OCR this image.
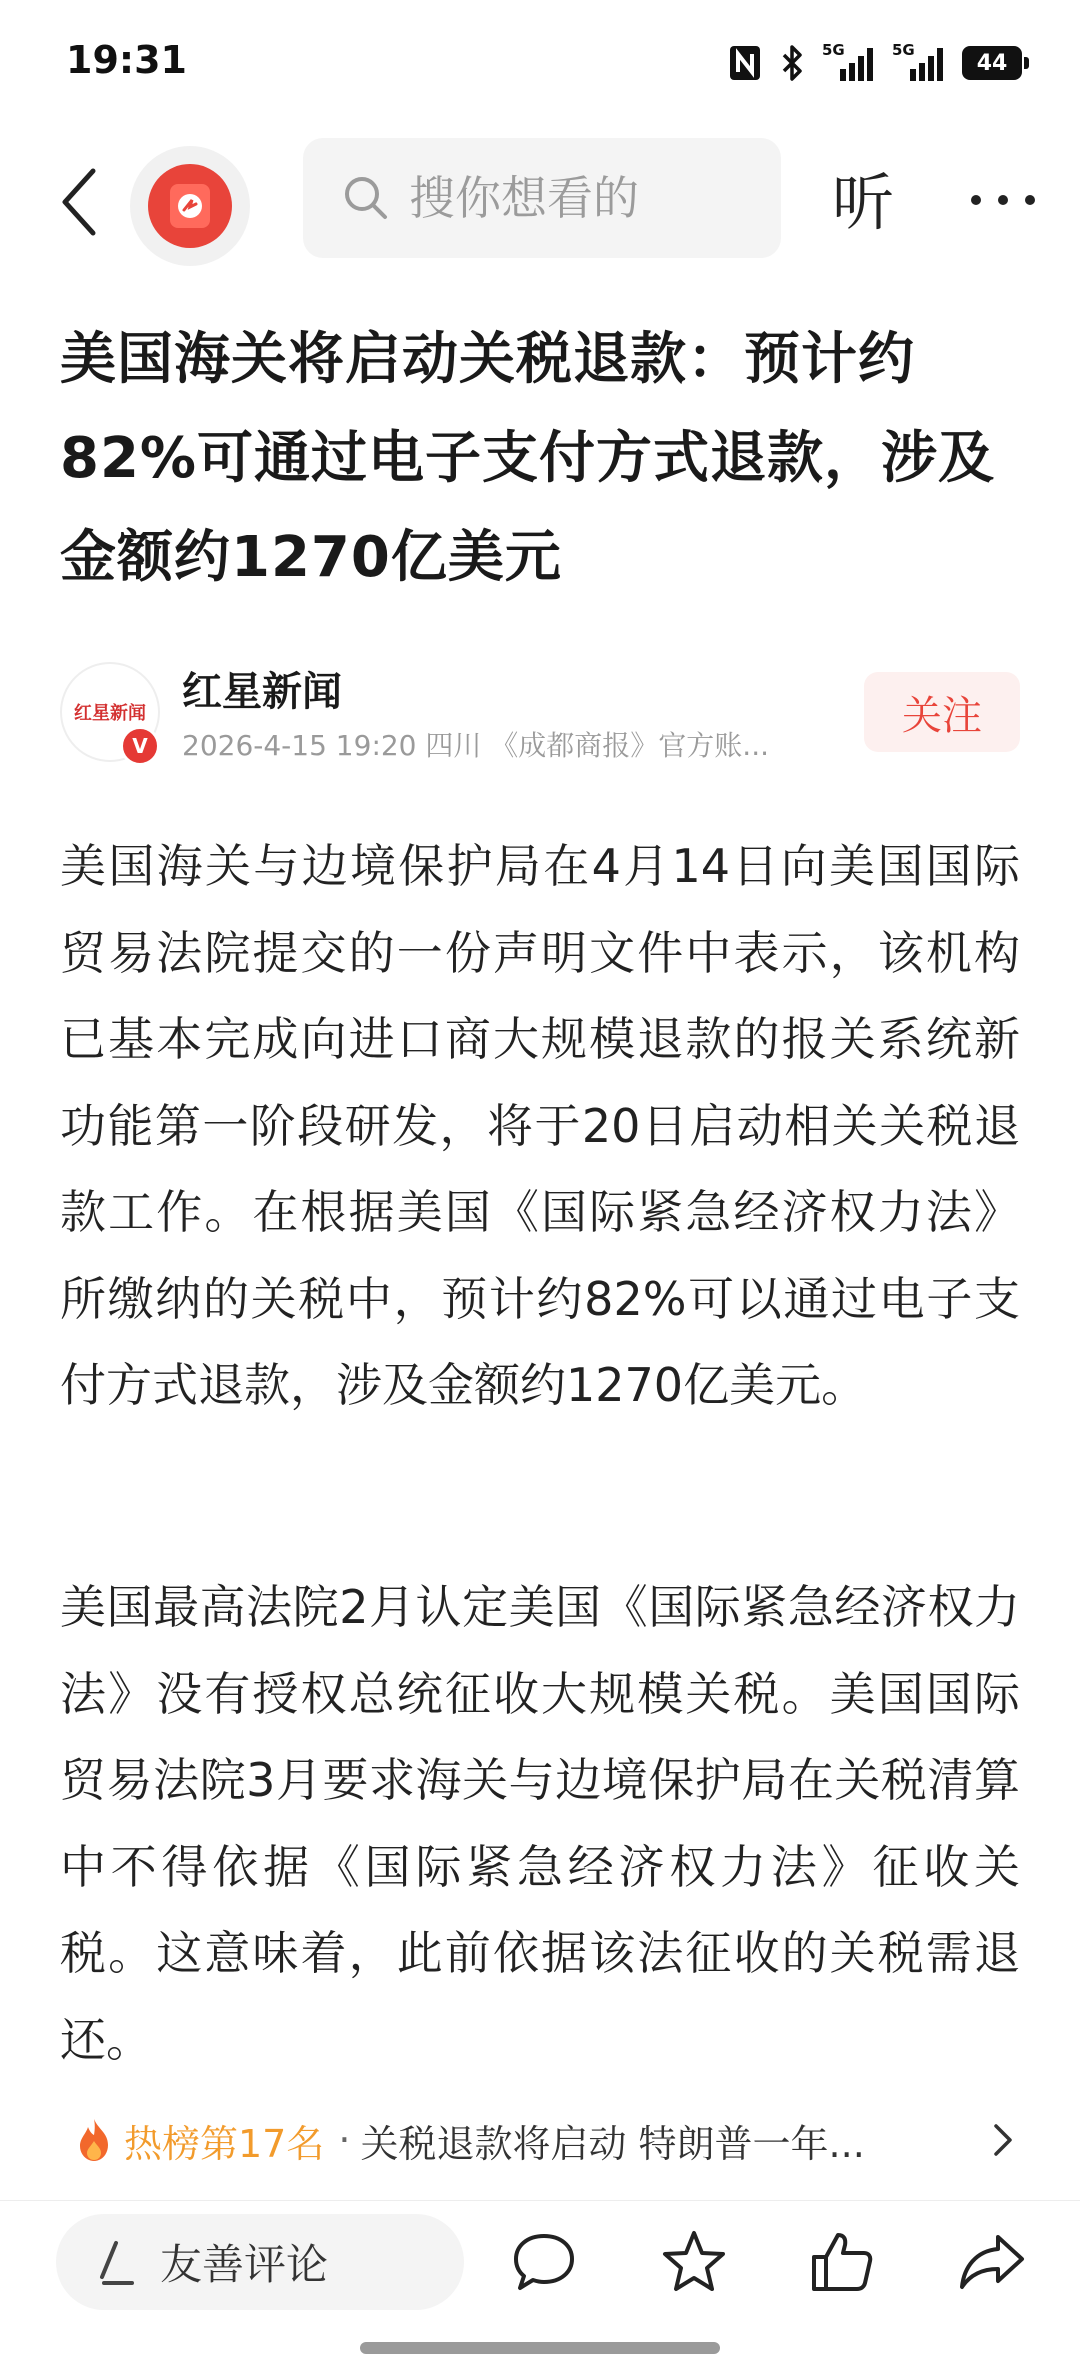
19:31	5G	5G
44
搜你想看的
听
美国海关将启动关税退款：预计约82%可通过电子支付方式退款，涉及金额约1270亿美元
红星新闻
V
红星新闻
2026-4-15 19:20 四川 《成都商报》官方账...
关注

美国海关与边境保护局在4月14日向美国国际贸易法院提交的一份声明文件中表示，该机构已基本完成向进口商大规模退款的报关系统新功能第一阶段研发，将于20日启动相关关税退款工作。在根据美国《国际紧急经济权力法》所缴纳的关税中，预计约82%可以通过电子支付方式退款，涉及金额约1270亿美元。

美国最高法院2月认定美国《国际紧急经济权力法》没有授权总统征收大规模关税。美国国际贸易法院3月要求海关与边境保护局在关税清算中不得依据《国际紧急经济权力法》征收关税。这意味着，此前依据该法征收的关税需退还。

热榜第17名 · 关税退款将启动 特朗普一年...
友善评论
